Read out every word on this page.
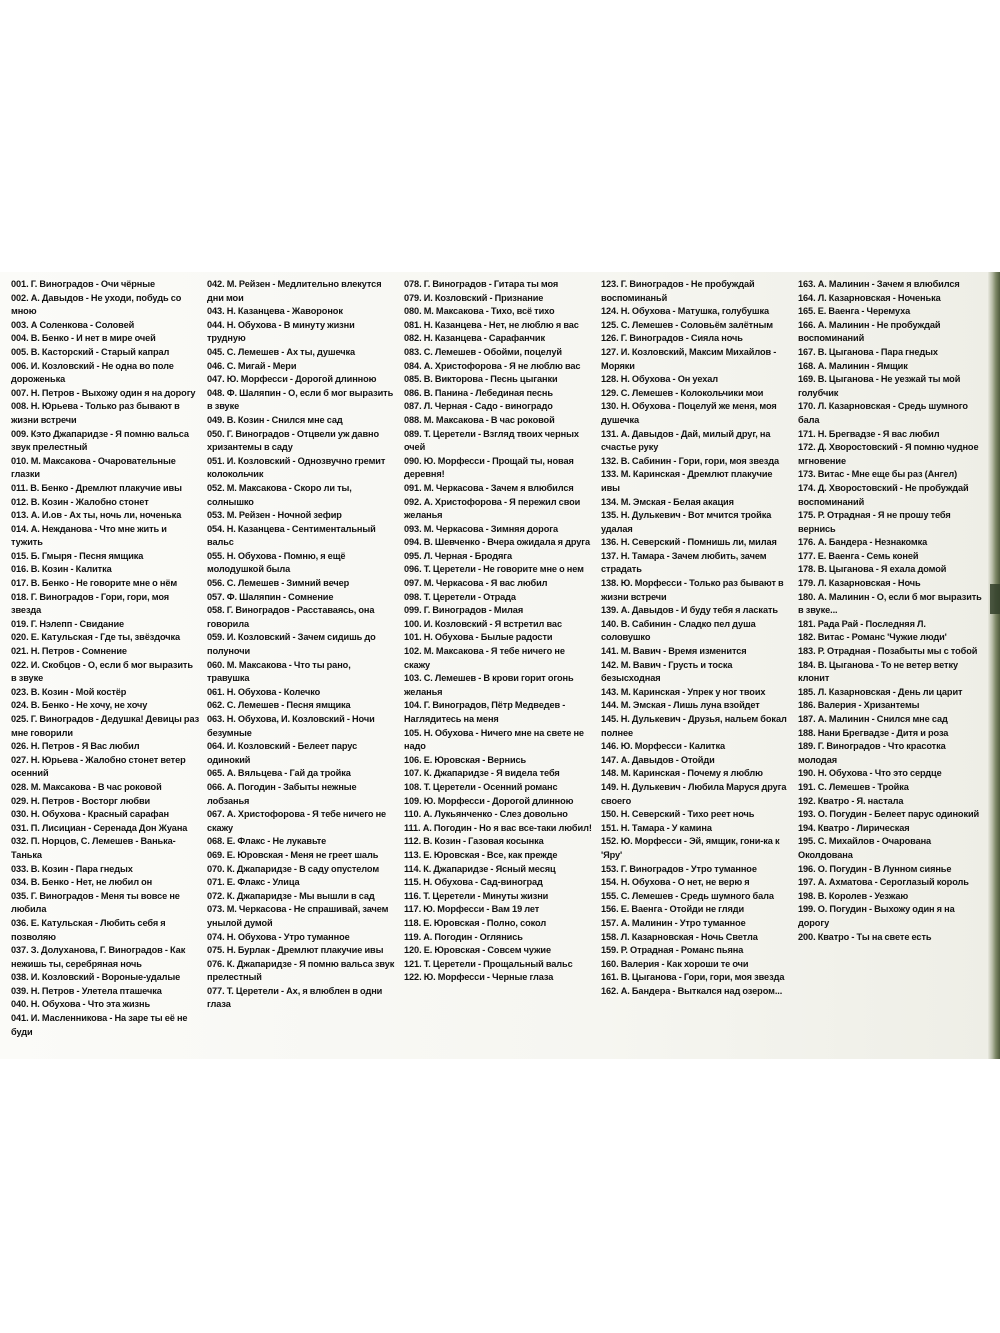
001. Г. Виноградов - Очи чёрные

002. А. Давыдов - Не уходи, побудь со мною

003. А Соленкова - Соловей

004. В. Бенко - И нет в мире очей

005. В. Касторский - Старый капрал

006. И. Козловский - Не одна во поле дороженька

007. Н. Петров - Выхожу один я на дорогу

008. Н. Юрьева - Только раз бывают в жизни встречи

009. Кэто Джапаридзе - Я помню вальса звук прелестный

010. М. Максакова - Очаровательные глазки

011. В. Бенко - Дремлют плакучие ивы

012. В. Козин - Жалобно стонет

013. А. И.ов - Ах ты, ночь ли, ноченька

014. А. Нежданова - Что мне жить и тужить

015. Б. Гмыря - Песня ямщика

016. В. Козин - Калитка

017. В. Бенко - Не говорите мне о нём

018. Г. Виноградов - Гори, гори, моя звезда

019. Г. Нэлепп - Свидание

020. Е. Катульская - Где ты, звёздочка

021. Н. Петров - Сомнение

022. И. Скобцов - О, если б мог выразить в звуке

023. В. Козин - Мой костёр

024. В. Бенко - Не хочу, не хочу

025. Г. Виноградов - Дедушка! Девицы раз мне говорили

026. Н. Петров - Я Вас любил

027. Н. Юрьева - Жалобно стонет ветер осенний

028. М. Максакова - В час роковой

029. Н. Петров - Восторг любви

030. Н. Обухова - Красный сарафан

031. П. Лисициан - Серенада Дон Жуана

032. П. Норцов, С. Лемешев - Ванька-Танька

033. В. Козин - Пара гнедых

034. В. Бенко - Нет, не любил он

035. Г. Виноградов - Меня ты вовсе не любила

036. Е. Катульская - Любить себя я позволяю

037. З. Долуханова, Г. Виноградов - Как нежишь ты, серебряная ночь

038. И. Козловский - Вороные-удалые

039. Н. Петров - Улетела пташечка

040. Н. Обухова - Что эта жизнь

041. И. Масленникова - На заре ты её не буди

042. М. Рейзен - Медлительно влекутся дни мои

043. Н. Казанцева - Жаворонок

044. Н. Обухова - В минуту жизни трудную

045. С. Лемешев - Ах ты, душечка

046. С. Мигай - Мери

047. Ю. Морфесси - Дорогой длинною

048. Ф. Шаляпин - О, если б мог выразить в звуке

049. В. Козин - Снился мне сад

050. Г. Виноградов - Отцвели уж давно хризантемы в саду

051. И. Козловский - Однозвучно гремит колокольчик

052. М. Максакова - Скоро ли ты, солнышко

053. М. Рейзен - Ночной зефир

054. Н. Казанцева - Сентиментальный вальс

055. Н. Обухова - Помню, я ещё молодушкой была

056. С. Лемешев - Зимний вечер

057. Ф. Шаляпин - Сомнение

058. Г. Виноградов - Расставаясь, она говорила

059. И. Козловский - Зачем сидишь до полуночи

060. М. Максакова - Что ты рано, травушка

061. Н. Обухова - Колечко

062. С. Лемешев - Песня ямщика

063. Н. Обухова, И. Козловский - Ночи безумные

064. И. Козловский - Белеет парус одинокий

065. А. Вяльцева - Гай да тройка

066. А. Погодин - Забыты нежные лобзанья

067. А. Христофорова - Я тебе ничего не скажу

068. Е. Флакс - Не лукавьте

069. Е. Юровская - Меня не греет шаль

070. К. Джапаридзе - В саду опустелом

071. Е. Флакс - Улица

072. К. Джапаридзе - Мы вышли в сад

073. М. Черкасова - Не спрашивай, зачем унылой думой

074. Н. Обухова - Утро туманное

075. Н. Бурлак - Дремлют плакучие ивы

076. К. Джапаридзе - Я помню вальса звук прелестный

077. Т. Церетели - Ах, я влюблен в одни глаза

078. Г. Виноградов - Гитара ты моя

079. И. Козловский - Признание

080. М. Максакова - Тихо, всё тихо

081. Н. Казанцева - Нет, не люблю я вас

082. Н. Казанцева - Сарафанчик

083. С. Лемешев - Обойми, поцелуй

084. А. Христофорова - Я не люблю вас

085. В. Викторова - Песнь цыганки

086. В. Панина - Лебединая песнь

087. Л. Черная - Садо - виноградо

088. М. Максакова - В час роковой

089. Т. Церетели - Взгляд твоих черных очей

090. Ю. Морфесси - Прощай ты, новая деревня!

091. М. Черкасова - Зачем я влюбился

092. А. Христофорова - Я пережил свои желанья

093. М. Черкасова - Зимняя дорога

094. В. Шевченко - Вчера ожидала я друга

095. Л. Черная - Бродяга

096. Т. Церетели - Не говорите мне о нем

097. М. Черкасова - Я вас любил

098. Т. Церетели - Отрада

099. Г. Виноградов - Милая

100. И. Козловский - Я встретил вас

101. Н. Обухова - Былые радости

102. М. Максакова - Я тебе ничего не скажу

103. С. Лемешев - В крови горит огонь желанья

104. Г. Виноградов, Пётр Медведев - Наглядитесь на меня

105. Н. Обухова - Ничего мне на свете не надо

106. Е. Юровская - Вернись

107. К. Джапаридзе - Я видела тебя

108. Т. Церетели - Осенний романс

109. Ю. Морфесси - Дорогой длинною

110. А. Лукьянченко - Слез довольно

111. А. Погодин - Но я вас все-таки любил!

112. В. Козин - Газовая косынка

113. Е. Юровская - Все, как прежде

114. К. Джапаридзе - Ясный месяц

115. Н. Обухова - Сад-виноград

116. Т. Церетели - Минуты жизни

117. Ю. Морфесси - Вам 19 лет

118. Е. Юровская - Полно, сокол

119. А. Погодин - Оглянись

120. Е. Юровская - Совсем чужие

121. Т. Церетели - Прощальный вальс

122. Ю. Морфесси - Черные глаза

123. Г. Виноградов - Не пробуждай воспоминаньй

124. Н. Обухова - Матушка, голубушка

125. С. Лемешев - Соловьём залётным

126. Г. Виноградов - Сияла ночь

127. И. Козловский, Максим Михайлов - Моряки

128. Н. Обухова - Он уехал

129. С. Лемешев - Колокольчики мои

130. Н. Обухова - Поцелуй же меня, моя душечка

131. А. Давыдов - Дай, милый друг, на счастье руку

132. В. Сабинин - Гори, гори, моя звезда

133. М. Каринская - Дремлют плакучие ивы

134. М. Эмская - Белая акация

135. Н. Дулькевич - Вот мчится тройка удалая

136. Н. Северский - Помнишь ли, милая

137. Н. Тамара - Зачем любить, зачем страдать

138. Ю. Морфесси - Только раз бывают в жизни встречи

139. А. Давыдов - И буду тебя я ласкать

140. В. Сабинин - Сладко пел душа соловушко

141. М. Вавич - Время изменится

142. М. Вавич - Грусть и тоска безысходная

143. М. Каринская - Упрек у ног твоих

144. М. Эмская - Лишь луна взойдет

145. Н. Дулькевич - Друзья, нальем бокал полнее

146. Ю. Морфесси - Калитка

147. А. Давыдов - Отойди

148. М. Каринская - Почему я люблю

149. Н. Дулькевич - Любила Маруся друга своего

150. Н. Северский - Тихо реет ночь

151. Н. Тамара - У камина

152. Ю. Морфесси - Эй, ямщик, гони-ка к 'Яру'

153. Г. Виноградов - Утро туманное

154. Н. Обухова - О нет, не верю я

155. С. Лемешев - Средь шумного бала

156. Е. Ваенга - Отойди не гляди

157. А. Малинин - Утро туманное

158. Л. Казарновская - Ночь Светла

159. Р. Отрадная - Романс пьяна

160. Валерия - Как хороши те очи

161. В. Цыганова - Гори, гори, моя звезда

162. А. Бандера - Выткался над озером...

163. А. Малинин - Зачем я влюбился

164. Л. Казарновская - Ноченька

165. Е. Ваенга - Черемуха

166. А. Малинин - Не пробуждай воспоминаний

167. В. Цыганова - Пара гнедых

168. А. Малинин - Ямщик

169. В. Цыганова - Не уезжай ты мой голубчик

170. Л. Казарновская - Средь шумного бала

171. Н. Брегвадзе - Я вас любил

172. Д. Хворостовский - Я помню чудное мгновение

173. Витас - Мне еще бы раз (Ангел)

174. Д. Хворостовский - Не пробуждай воспоминаний

175. Р. Отрадная - Я не прошу тебя вернись

176. А. Бандера - Незнакомка

177. Е. Ваенга - Семь коней

178. В. Цыганова - Я ехала домой

179. Л. Казарновская - Ночь

180. А. Малинин - О, если б мог выразить в звуке...

181. Рада Рай - Последняя Л.

182. Витас - Романс 'Чужие люди'

183. Р. Отрадная - Позабыты мы с тобой

184. В. Цыганова - То не ветер ветку клонит

185. Л. Казарновская - День ли царит

186. Валерия - Хризантемы

187. А. Малинин - Снился мне сад

188. Нани Брегвадзе - Дитя и роза

189. Г. Виноградов - Что красотка молодая

190. Н. Обухова - Что это сердце

191. С. Лемешев - Тройка

192. Кватро - Я. настала

193. О. Погудин - Белеет парус одинокий

194. Кватро - Лирическая

195. С. Михайлов - Очарована Околдована

196. О. Погудин - В Лунном сиянье

197. А. Ахматова - Сероглазый король

198. В. Королев - Уезжаю

199. О. Погудин - Выхожу один я на дорогу

200. Кватро - Ты на свете есть
